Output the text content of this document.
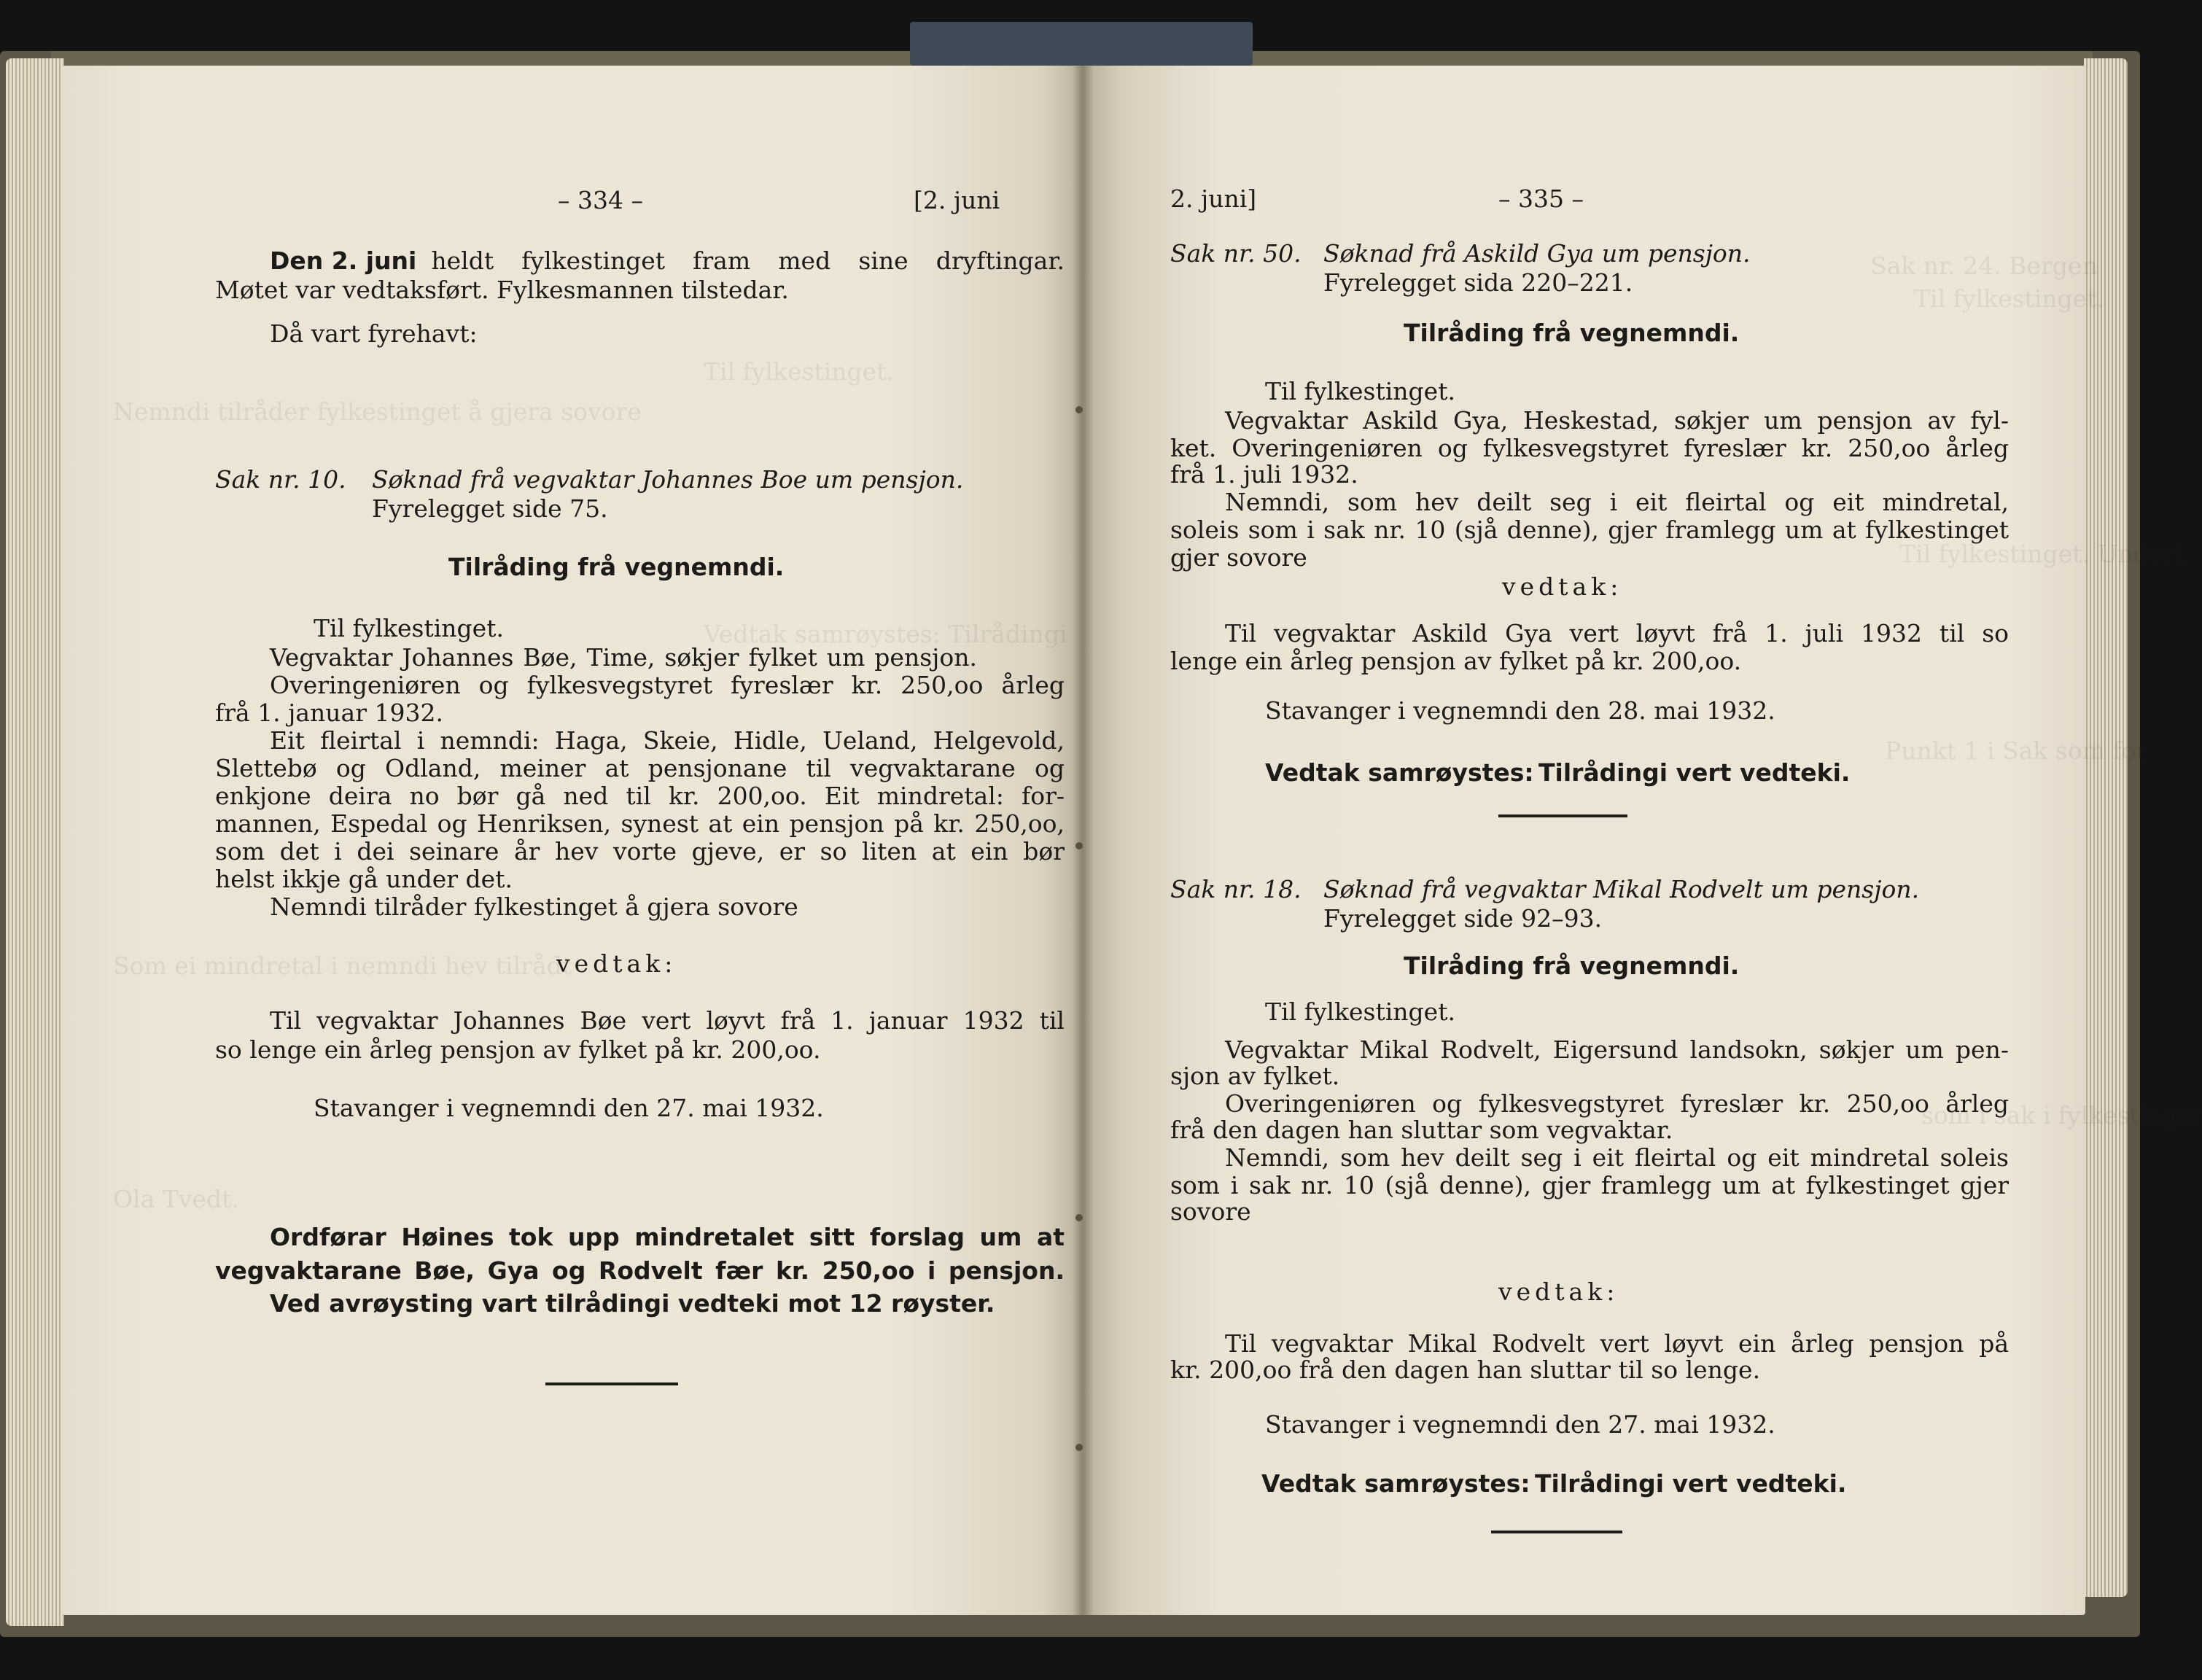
Til fylkestinget.
Nemndi tilråder fylkestinget å gjera sovore
Vedtak samrøystes: Tilrådingi
Som ei mindretal i nemndi hev tilrådt
Ola Tvedt.
– 334 –	[2. juni
Den 2. juni heldt fylkestinget fram med sine dryftingar.
Møtet var vedtaksført. Fylkesmannen tilstedar.
Då vart fyrehavt:
Sak nr. 10. Søknad frå vegvaktar Johannes Boe um pensjon.
Fyrelegget side 75.
Tilråding frå vegnemndi.
Til fylkestinget.
Vegvaktar Johannes Bøe, Time, søkjer fylket um pensjon.
Overingeniøren og fylkesvegstyret fyreslær kr. 250,oo årleg
frå 1. januar 1932.
Eit fleirtal i nemndi: Haga, Skeie, Hidle, Ueland, Helgevold,
Slettebø og Odland, meiner at pensjonane til vegvaktarane og
enkjone deira no bør gå ned til kr. 200,oo. Eit mindretal: for-
mannen, Espedal og Henriksen, synest at ein pensjon på kr. 250,oo,
som det i dei seinare år hev vorte gjeve, er so liten at ein bør
helst ikkje gå under det.
Nemndi tilråder fylkestinget å gjera sovore
vedtak:
Til vegvaktar Johannes Bøe vert løyvt frå 1. januar 1932 til
so lenge ein årleg pensjon av fylket på kr. 200,oo.
Stavanger i vegnemndi den 27. mai 1932.
Ordførar Høines tok upp mindretalet sitt forslag um at
vegvaktarane Bøe, Gya og Rodvelt fær kr. 250,oo i pensjon.
Ved avrøysting vart tilrådingi vedteki mot 12 røyster.
Sak nr. 24. Bergen
Til fylkestinget.
Til fylkestinget. Undert
Punkt 1 i Sak som for
som i sak i fylkestinget
2. juni]	– 335 –
Sak nr. 50. Søknad frå Askild Gya um pensjon.
Fyrelegget sida 220–221.
Tilråding frå vegnemndi.
Til fylkestinget.
Vegvaktar Askild Gya, Heskestad, søkjer um pensjon av fyl-
ket. Overingeniøren og fylkesvegstyret fyreslær kr. 250,oo årleg
frå 1. juli 1932.
Nemndi, som hev deilt seg i eit fleirtal og eit mindretal,
soleis som i sak nr. 10 (sjå denne), gjer framlegg um at fylkestinget
gjer sovore
vedtak:
Til vegvaktar Askild Gya vert løyvt frå 1. juli 1932 til so
lenge ein årleg pensjon av fylket på kr. 200,oo.
Stavanger i vegnemndi den 28. mai 1932.
Vedtak samrøystes: Tilrådingi vert vedteki.
Sak nr. 18. Søknad frå vegvaktar Mikal Rodvelt um pensjon.
Fyrelegget side 92–93.
Tilråding frå vegnemndi.
Til fylkestinget.
Vegvaktar Mikal Rodvelt, Eigersund landsokn, søkjer um pen-
sjon av fylket.
Overingeniøren og fylkesvegstyret fyreslær kr. 250,oo årleg
frå den dagen han sluttar som vegvaktar.
Nemndi, som hev deilt seg i eit fleirtal og eit mindretal soleis
som i sak nr. 10 (sjå denne), gjer framlegg um at fylkestinget gjer
sovore
vedtak:
Til vegvaktar Mikal Rodvelt vert løyvt ein årleg pensjon på
kr. 200,oo frå den dagen han sluttar til so lenge.
Stavanger i vegnemndi den 27. mai 1932.
Vedtak samrøystes: Tilrådingi vert vedteki.
